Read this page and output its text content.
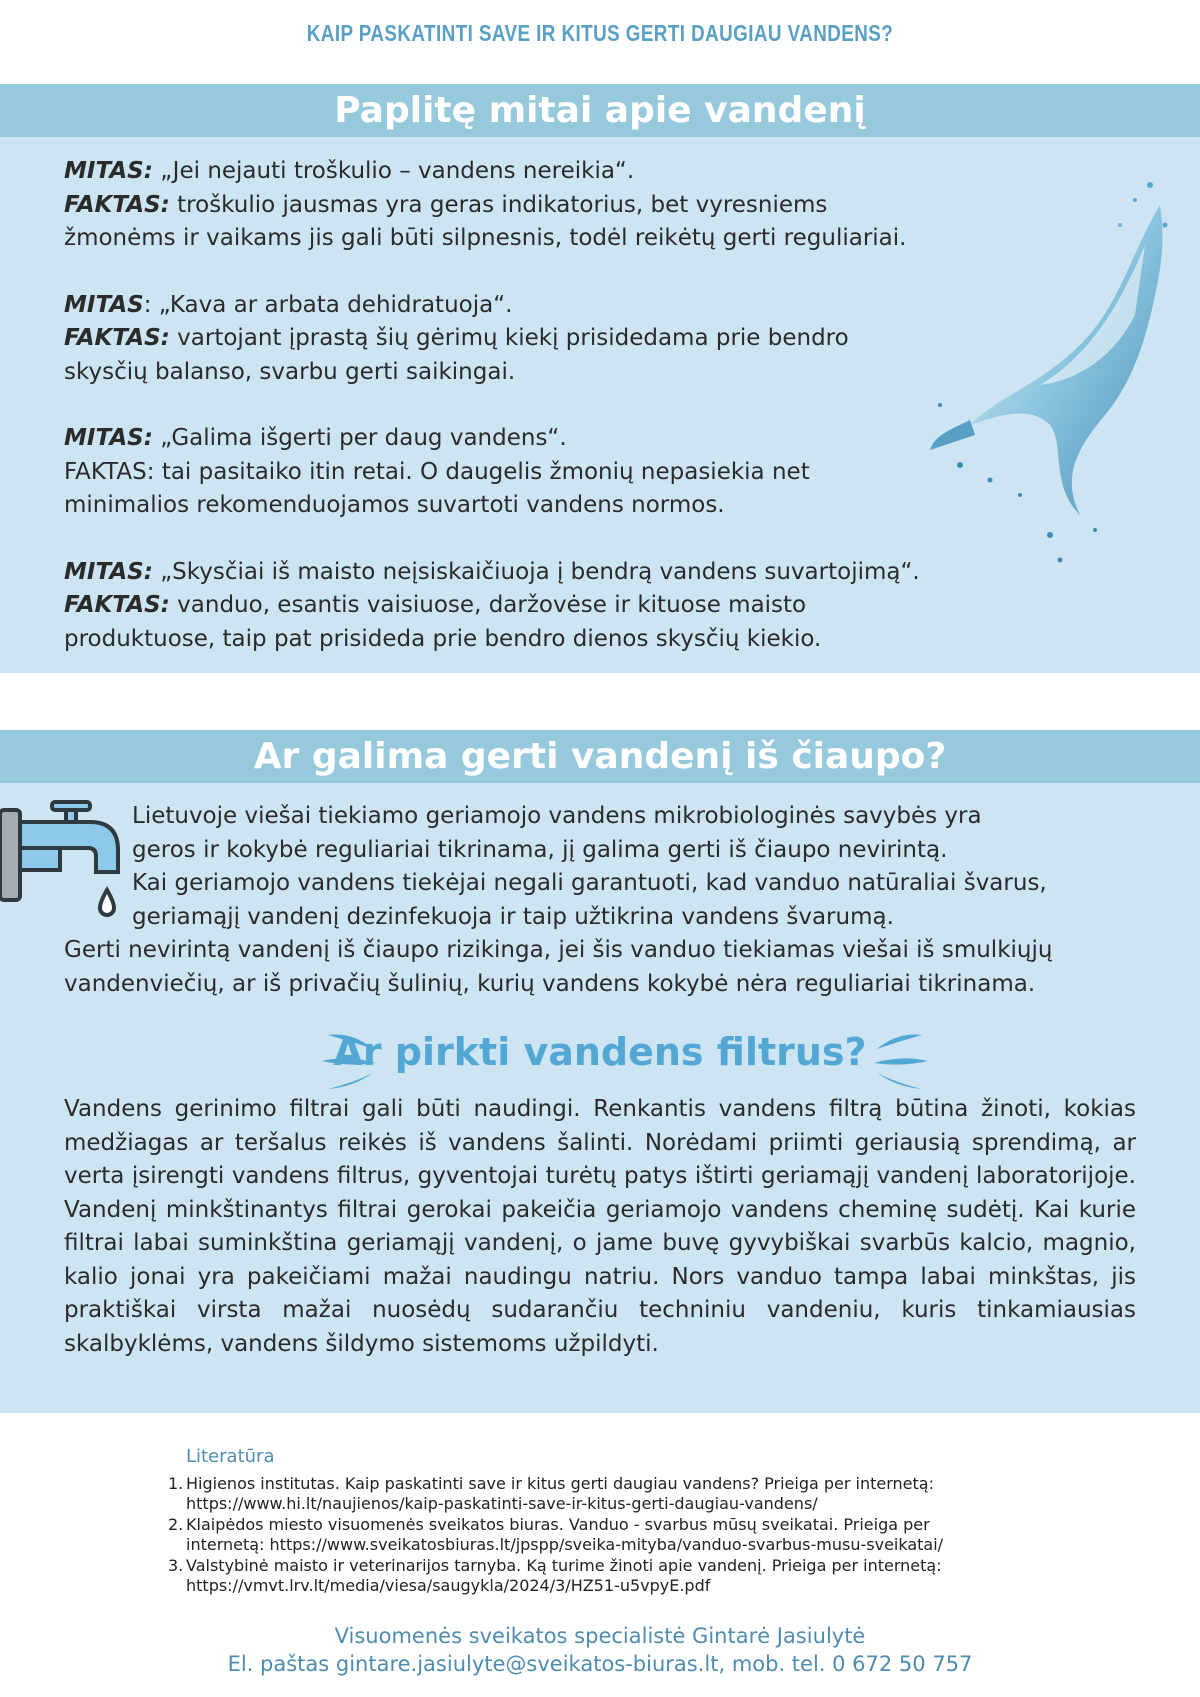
KAIP PASKATINTI SAVE IR KITUS GERTI DAUGIAU VANDENS?
Paplitę mitai apie vandenį
MITAS: „Jei nejauti troškulio – vandens nereikia“.
FAKTAS: troškulio jausmas yra geras indikatorius, bet vyresniems
žmonėms ir vaikams jis gali būti silpnesnis, todėl reikėtų gerti reguliariai.
MITAS: „Kava ar arbata dehidratuoja“.
FAKTAS: vartojant įprastą šių gėrimų kiekį prisidedama prie bendro
skysčių balanso, svarbu gerti saikingai.
MITAS: „Galima išgerti per daug vandens“.
FAKTAS: tai pasitaiko itin retai. O daugelis žmonių nepasiekia net
minimalios rekomenduojamos suvartoti vandens normos.
MITAS: „Skysčiai iš maisto neįsiskaičiuoja į bendrą vandens suvartojimą“.
FAKTAS: vanduo, esantis vaisiuose, daržovėse ir kituose maisto
produktuose, taip pat prisideda prie bendro dienos skysčių kiekio.
Ar galima gerti vandenį iš čiaupo?
Lietuvoje viešai tiekiamo geriamojo vandens mikrobiologinės savybės yra
geros ir kokybė reguliariai tikrinama, jį galima gerti iš čiaupo nevirintą.
Kai geriamojo vandens tiekėjai negali garantuoti, kad vanduo natūraliai švarus,
geriamąjį vandenį dezinfekuoja ir taip užtikrina vandens švarumą.
Gerti nevirintą vandenį iš čiaupo rizikinga, jei šis vanduo tiekiamas viešai iš smulkiųjų
vandenviečių, ar iš privačių šulinių, kurių vandens kokybė nėra reguliariai tikrinama.
Ar pirkti vandens filtrus?
Vandens gerinimo filtrai gali būti naudingi. Renkantis vandens filtrą būtina žinoti, kokias medžiagas ar teršalus reikės iš vandens šalinti. Norėdami priimti geriausią sprendimą, ar verta įsirengti vandens filtrus, gyventojai turėtų patys ištirti geriamąjį vandenį laboratorijoje. Vandenį minkštinantys filtrai gerokai pakeičia geriamojo vandens cheminę sudėtį. Kai kurie filtrai labai suminkština geriamąjį vandenį, o jame buvę gyvybiškai svarbūs kalcio, magnio, kalio jonai yra pakeičiami mažai naudingu natriu. Nors vanduo tampa labai minkštas, jis praktiškai virsta mažai nuosėdų sudarančiu techniniu vandeniu, kuris tinkamiausias skalbyklėms, vandens šildymo sistemoms užpildyti.
Literatūra
1. Higienos institutas. Kaip paskatinti save ir kitus gerti daugiau vandens? Prieiga per internetą:
https://www.hi.lt/naujienos/kaip-paskatinti-save-ir-kitus-gerti-daugiau-vandens/
2. Klaipėdos miesto visuomenės sveikatos biuras. Vanduo - svarbus mūsų sveikatai. Prieiga per
internetą: https://www.sveikatosbiuras.lt/jpspp/sveika-mityba/vanduo-svarbus-musu-sveikatai/
3. Valstybinė maisto ir veterinarijos tarnyba. Ką turime žinoti apie vandenį. Prieiga per internetą:
https://vmvt.lrv.lt/media/viesa/saugykla/2024/3/HZ51-u5vpyE.pdf
Visuomenės sveikatos specialistė Gintarė Jasiulytė
El. paštas gintare.jasiulyte@sveikatos-biuras.lt, mob. tel. 0 672 50 757
